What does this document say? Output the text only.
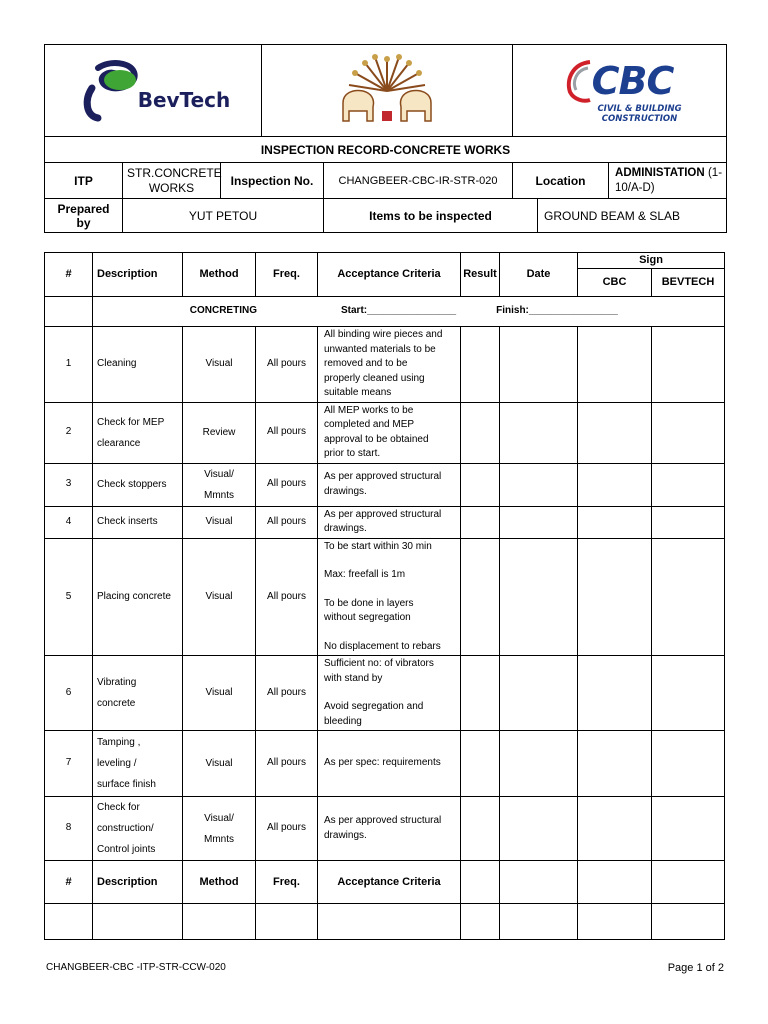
BevTech					CBC
CIVIL & BUILDING
CONSTRUCTION		

INSPECTION RECORD-CONCRETE WORKS							
ITP	STR.CONCRETE
WORKS	Inspection No.		CHANGBEER-CBC-IR-STR-020	Location		ADMINISTATION (1-
10/A-D)
Prepared by	YUT PETOU			Items to be inspected		GROUND BEAM & SLAB	
#	Description	Method	Freq.	Acceptance Criteria	Result	Date	Sign	
							CBC	BEVTECH

	CONCRETING Start:________________ Finish:________________							

1	Cleaning	Visual	All pours	All binding wire pieces and
unwanted materials to be
removed and to be
properly cleaned using
suitable means				

2	Check for MEP
clearance	Review	All pours	All MEP works to be
completed and MEP
approval to be obtained
prior to start.				

3	Check stoppers	Visual/
Mmnts	All pours	As per approved structural
drawings.				

4	Check inserts	Visual	All pours	As per approved structural
drawings.				

5	Placing concrete	Visual	All pours	To be start within 30 min
Max: freefall is 1m
To be done in layers
without segregation
No displacement to rebars				

6	Vibrating
concrete	Visual	All pours	Sufficient no: of vibrators
with stand by
Avoid segregation and
bleeding				

7	Tamping ,
leveling /
surface finish	Visual	All pours	As per spec: requirements				

8	Check for
construction/
Control joints	Visual/
Mmnts	All pours	As per approved structural
drawings.				

#	Description	Method	Freq.	Acceptance Criteria				

CHANGBEER-CBC -ITP-STR-CCW-020	Page 1 of 2
